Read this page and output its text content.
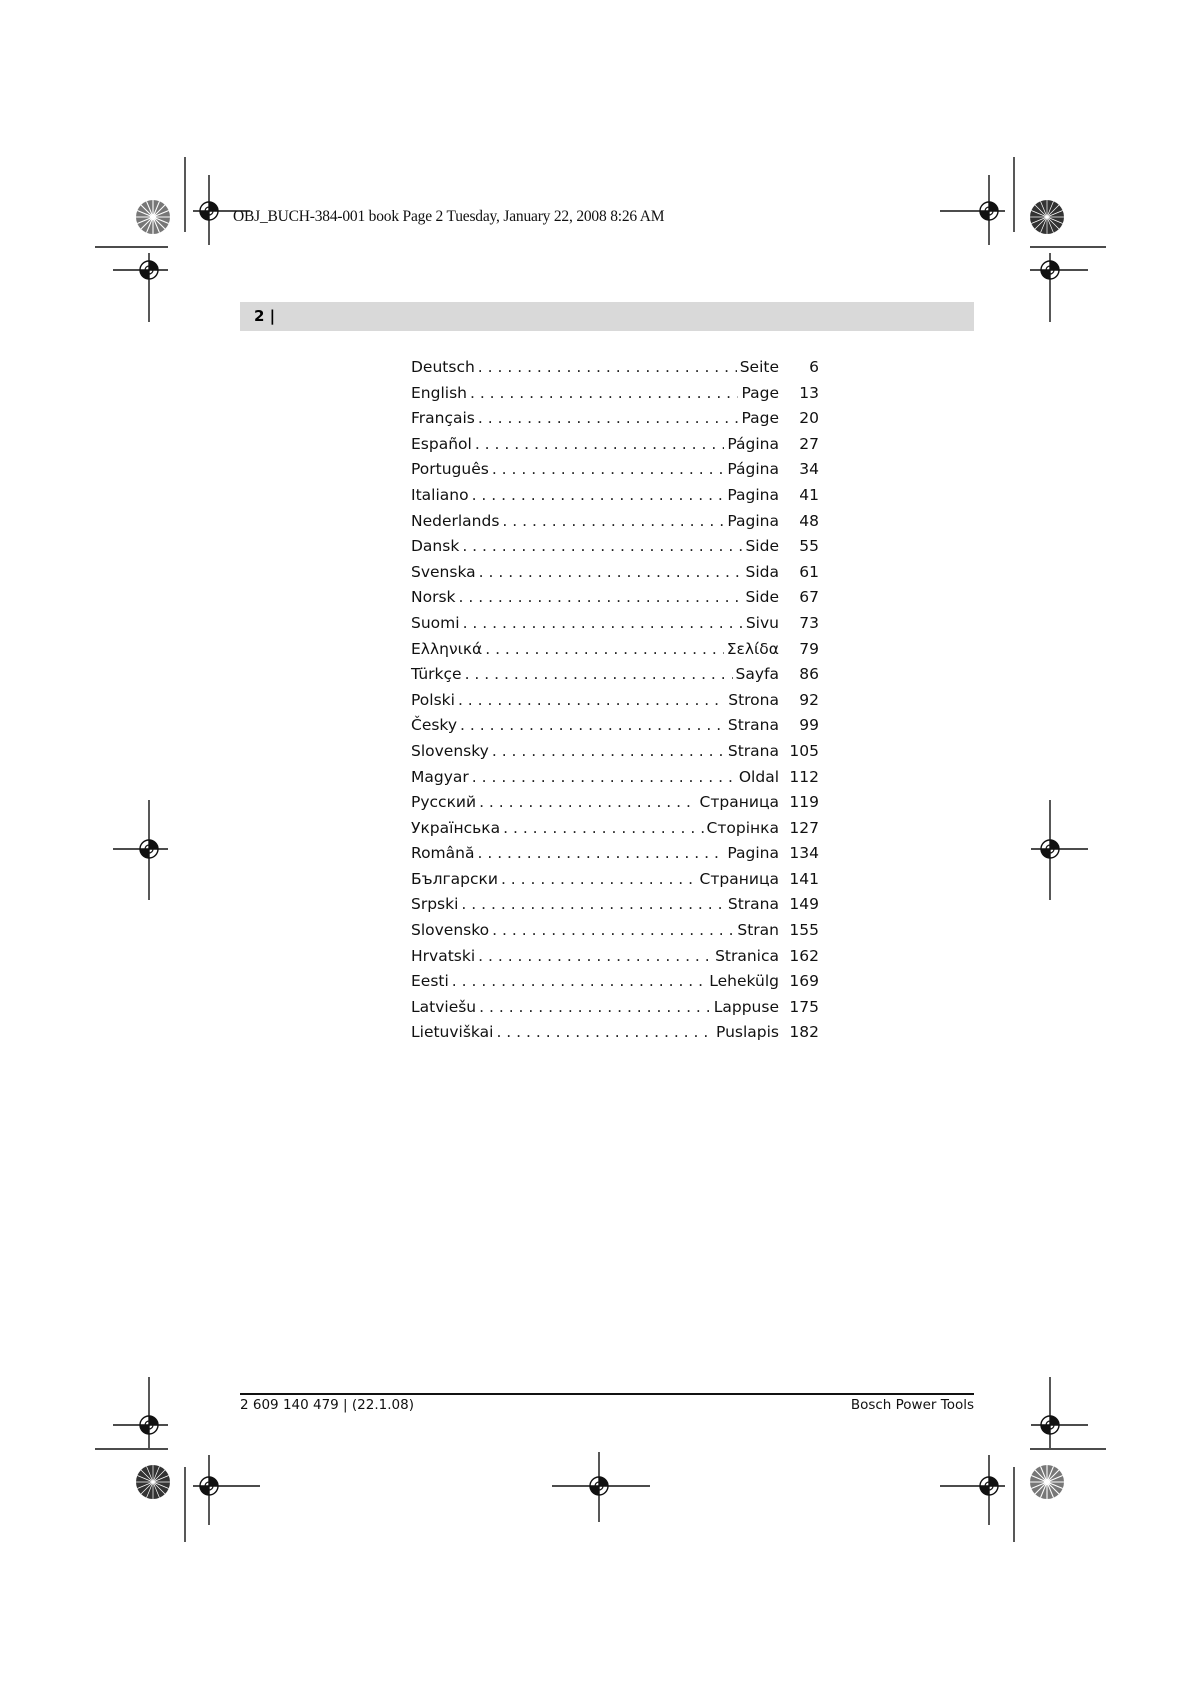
OBJ_BUCH-384-001 book Page 2 Tuesday, January 22, 2008 8:26 AM
2 |
Deutsch . . .	Seite	6
English . . .	Page	13
Français . . .	Page	20
Español . . .	Página	27
Português . . .	Página	34
Italiano . . .	Pagina	41
Nederlands . . .	Pagina	48
Dansk . . .	Side	55
Svenska . . .	Sida	61
Norsk . . .	Side	67
Suomi . . .	Sivu	73
Ελληνικά . . .	Σελίδα	79
Türkçe . . .	Sayfa	86
Polski . . .	Strona	92
Česky . . .	Strana	99
Slovensky . . .	Strana 105
Magyar . . .	Oldal 112
Русский . . .	Страница 119
Українська . . .	Сторінка 127
Română . . .	Pagina 134
Български . . .	Страница 141
Srpski . . .	Strana 149
Slovensko . . .	Stran 155
Hrvatski . . .	Stranica 162
Eesti . . .	Lehekülg 169
Latviešu . . .	Lappuse 175
Lietuviškai . . .	Puslapis 182
2 609 140 479 | (22.1.08)	Bosch Power Tools
